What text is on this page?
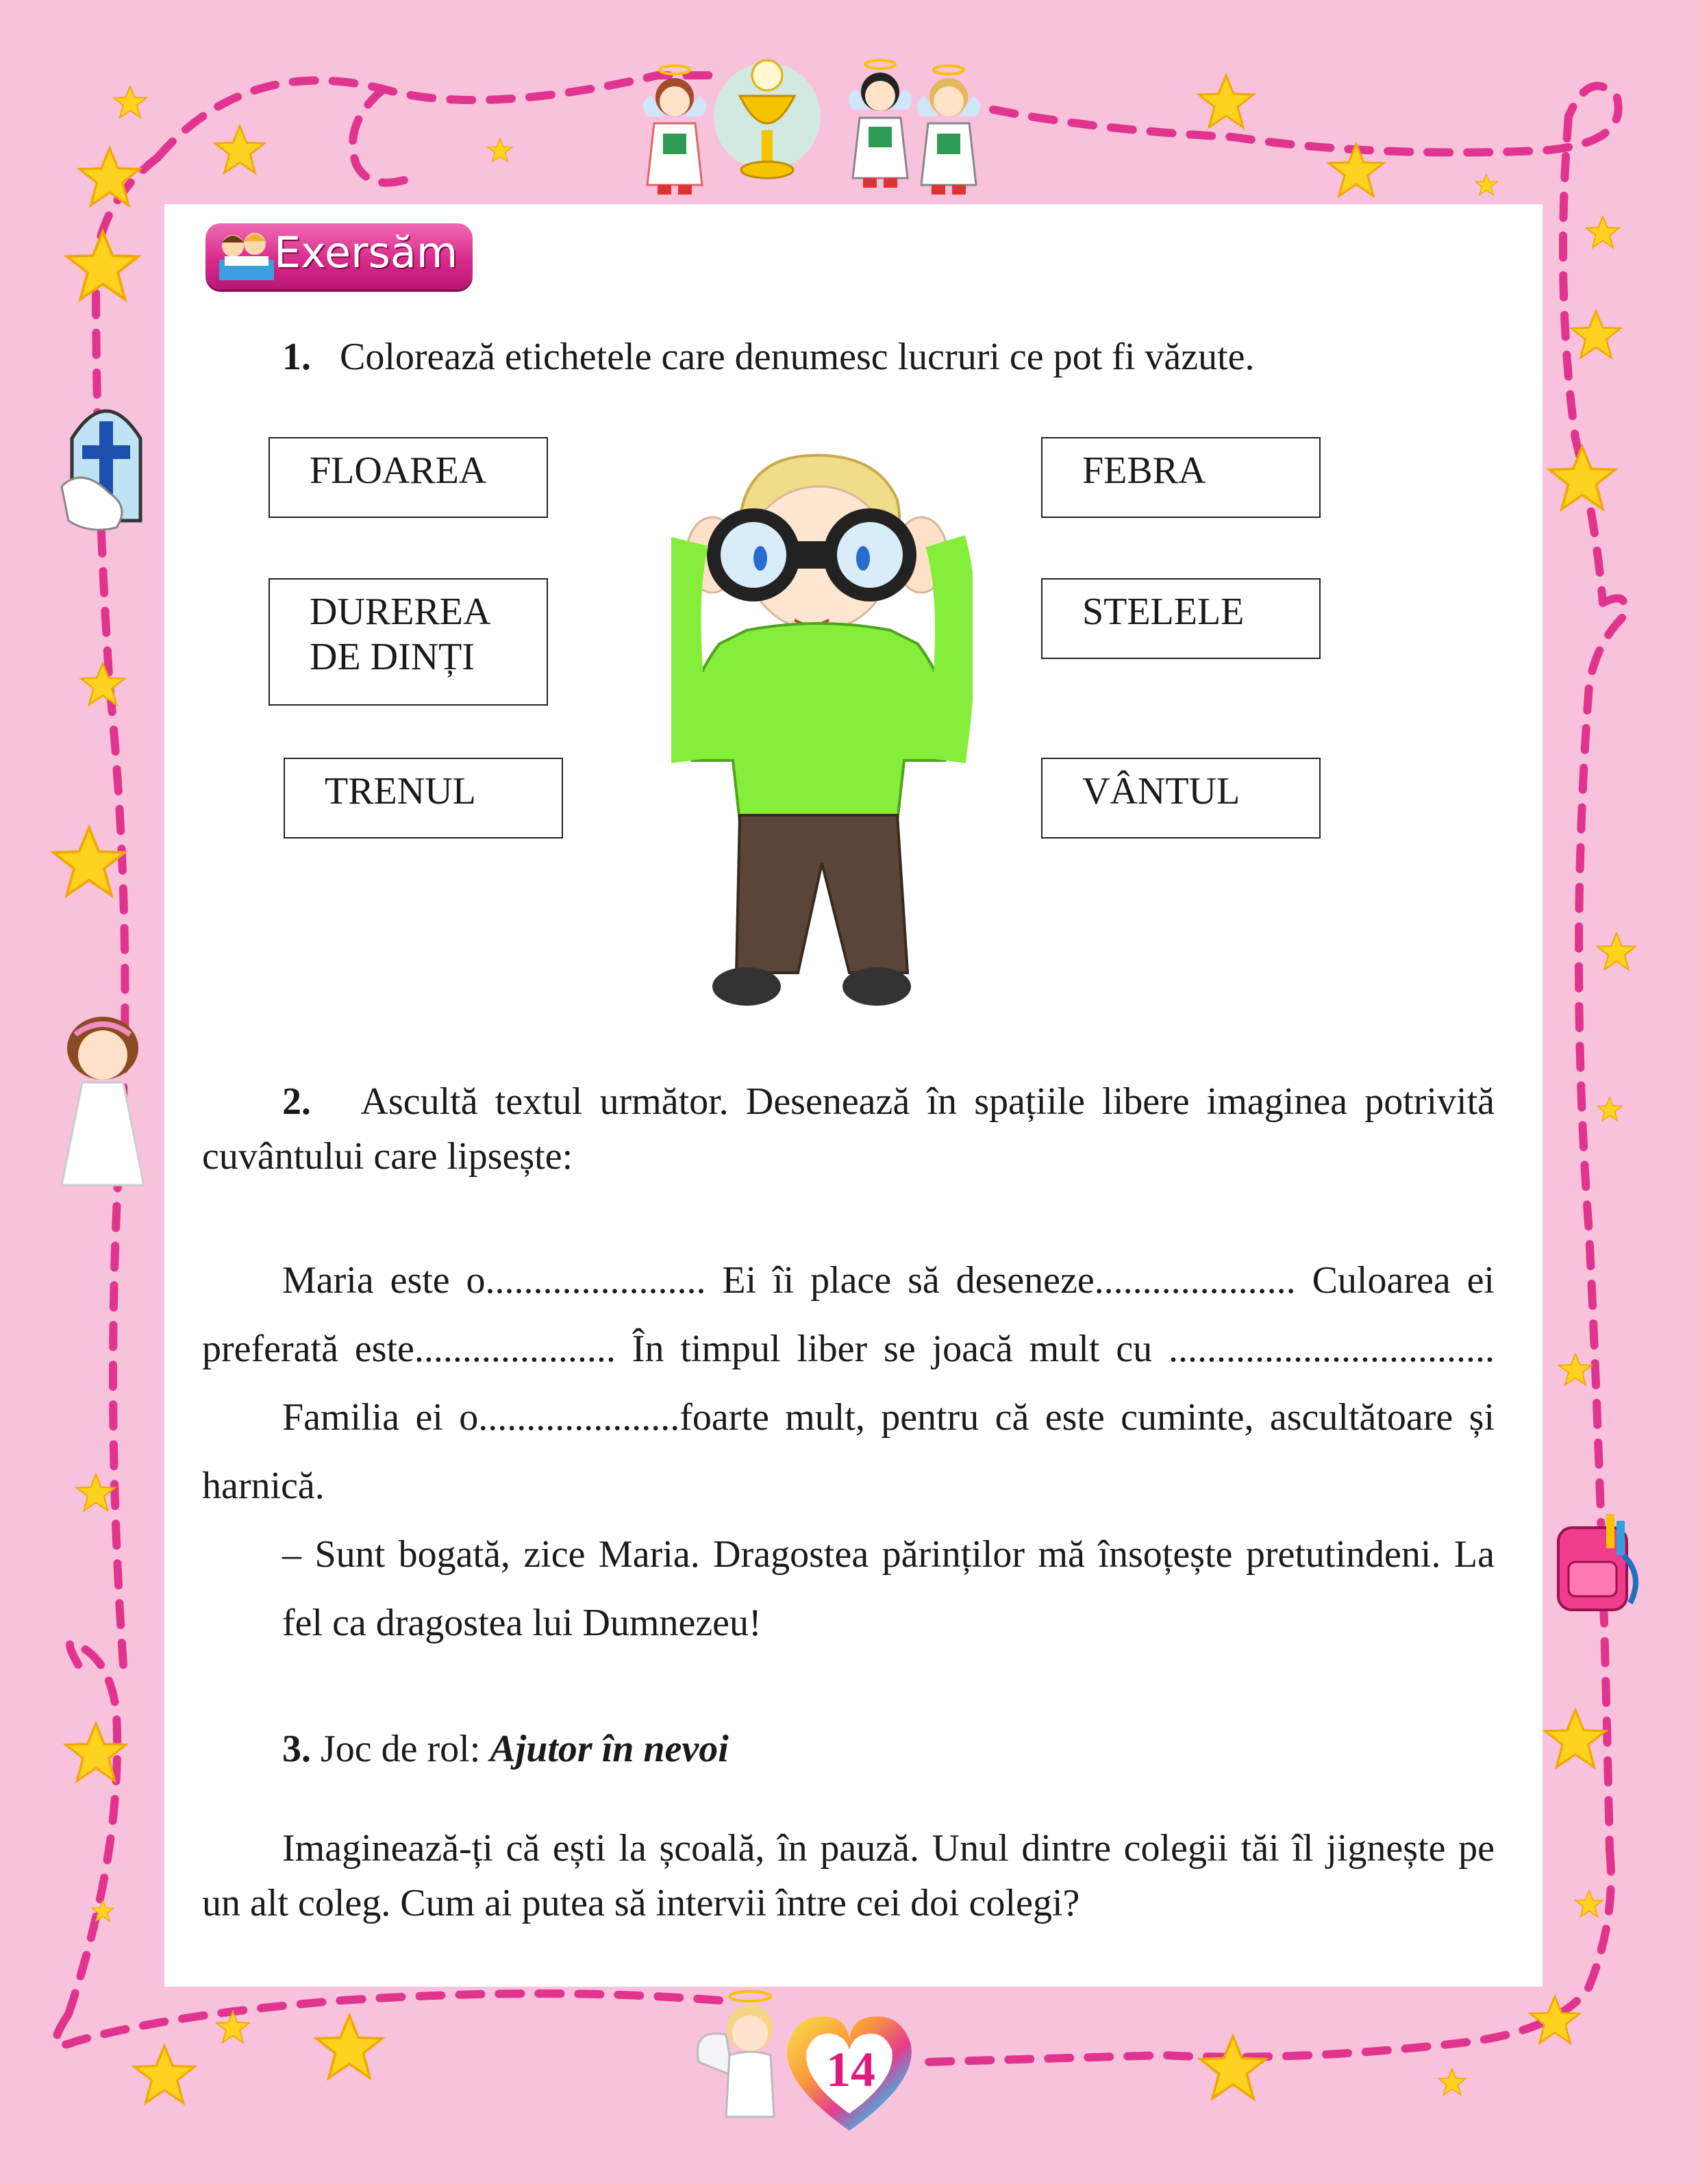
Exersăm
1. Colorează etichetele care denumesc lucruri ce pot fi văzute.
FLOAREA
DUREREA
DE DINȚI
TRENUL
FEBRA
STELELE
VÂNTUL
2. Ascultă textul următor. Desenează în spațiile libere imaginea potrivită
cuvântului care lipsește:
Maria este o....................... Ei îi place să deseneze..................... Culoarea ei
preferată este..................... În timpul liber se joacă mult cu ..................................
Familia ei o.....................foarte mult, pentru că este cuminte, ascultătoare și
harnică.
– Sunt bogată, zice Maria. Dragostea părinților mă însoțește pretutindeni. La
fel ca dragostea lui Dumnezeu!
3. Joc de rol: Ajutor în nevoi
Imaginează-ți că ești la școală, în pauză. Unul dintre colegii tăi îl jignește pe
un alt coleg. Cum ai putea să intervii între cei doi colegi?
14
